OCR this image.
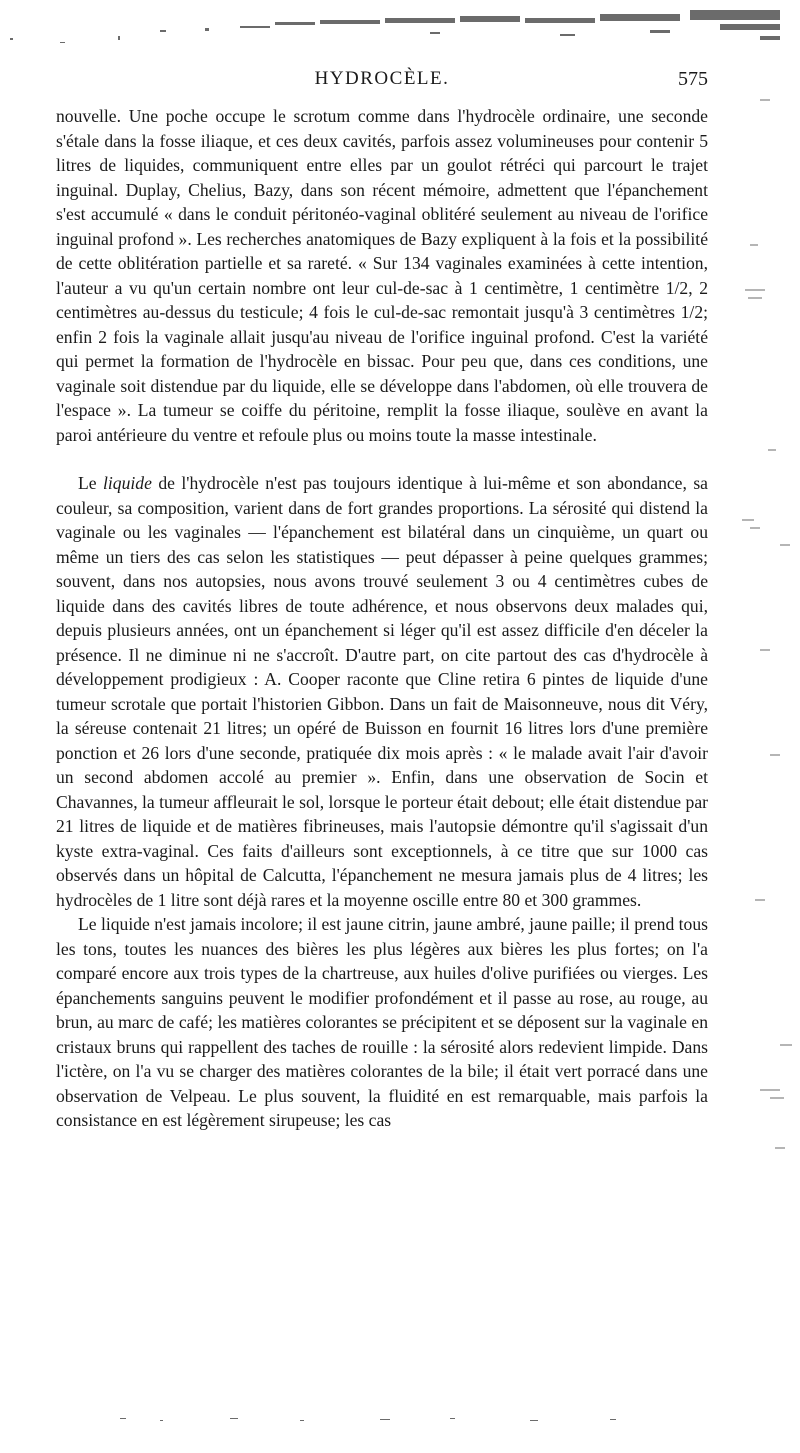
HYDROCÈLE.	575

nouvelle. Une poche occupe le scrotum comme dans l'hydrocèle ordinaire, une seconde s'étale dans la fosse iliaque, et ces deux cavités, parfois assez volumineuses pour contenir 5 litres de liquides, communiquent entre elles par un goulot rétréci qui parcourt le trajet inguinal. Duplay, Chelius, Bazy, dans son récent mémoire, admettent que l'épanchement s'est accumulé « dans le conduit péritonéo-vaginal oblitéré seulement au niveau de l'orifice inguinal profond ». Les recherches anatomiques de Bazy expliquent à la fois et la possibilité de cette oblitération partielle et sa rareté. « Sur 134 vaginales examinées à cette intention, l'auteur a vu qu'un certain nombre ont leur cul-de-sac à 1 centimètre, 1 centimètre 1/2, 2 centimètres au-dessus du testicule; 4 fois le cul-de-sac remontait jusqu'à 3 centimètres 1/2; enfin 2 fois la vaginale allait jusqu'au niveau de l'orifice inguinal profond. C'est la variété qui permet la formation de l'hydrocèle en bissac. Pour peu que, dans ces conditions, une vaginale soit distendue par du liquide, elle se développe dans l'abdomen, où elle trouvera de l'espace ». La tumeur se coiffe du péritoine, remplit la fosse iliaque, soulève en avant la paroi antérieure du ventre et refoule plus ou moins toute la masse intestinale.

Le liquide de l'hydrocèle n'est pas toujours identique à lui-même et son abondance, sa couleur, sa composition, varient dans de fort grandes proportions. La sérosité qui distend la vaginale ou les vaginales — l'épanchement est bilatéral dans un cinquième, un quart ou même un tiers des cas selon les statistiques — peut dépasser à peine quelques grammes; souvent, dans nos autopsies, nous avons trouvé seulement 3 ou 4 centimètres cubes de liquide dans des cavités libres de toute adhérence, et nous observons deux malades qui, depuis plusieurs années, ont un épanchement si léger qu'il est assez difficile d'en déceler la présence. Il ne diminue ni ne s'accroît. D'autre part, on cite partout des cas d'hydrocèle à développement prodigieux : A. Cooper raconte que Cline retira 6 pintes de liquide d'une tumeur scrotale que portait l'historien Gibbon. Dans un fait de Maisonneuve, nous dit Véry, la séreuse contenait 21 litres; un opéré de Buisson en fournit 16 litres lors d'une première ponction et 26 lors d'une seconde, pratiquée dix mois après : « le malade avait l'air d'avoir un second abdomen accolé au premier ». Enfin, dans une observation de Socin et Chavannes, la tumeur affleurait le sol, lorsque le porteur était debout; elle était distendue par 21 litres de liquide et de matières fibrineuses, mais l'autopsie démontre qu'il s'agissait d'un kyste extra-vaginal. Ces faits d'ailleurs sont exceptionnels, à ce titre que sur 1000 cas observés dans un hôpital de Calcutta, l'épanchement ne mesura jamais plus de 4 litres; les hydrocèles de 1 litre sont déjà rares et la moyenne oscille entre 80 et 300 grammes.

Le liquide n'est jamais incolore; il est jaune citrin, jaune ambré, jaune paille; il prend tous les tons, toutes les nuances des bières les plus légères aux bières les plus fortes; on l'a comparé encore aux trois types de la chartreuse, aux huiles d'olive purifiées ou vierges. Les épanchements sanguins peuvent le modifier profondément et il passe au rose, au rouge, au brun, au marc de café; les matières colorantes se précipitent et se déposent sur la vaginale en cristaux bruns qui rappellent des taches de rouille : la sérosité alors redevient limpide. Dans l'ictère, on l'a vu se charger des matières colorantes de la bile; il était vert porracé dans une observation de Velpeau. Le plus souvent, la fluidité en est remarquable, mais parfois la consistance en est légèrement sirupeuse; les cas
